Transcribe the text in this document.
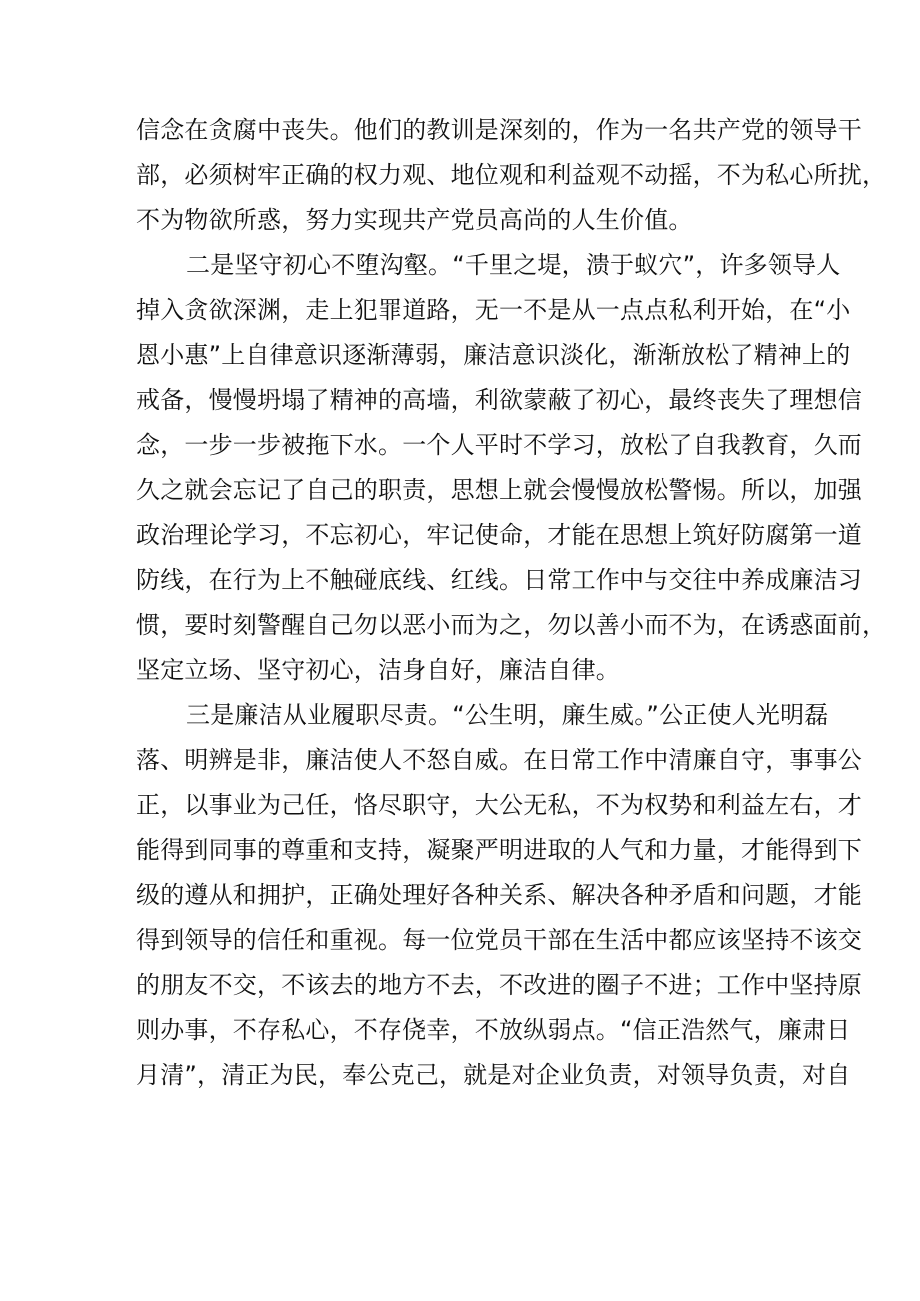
信念在贪腐中丧失。他们的教训是深刻的，作为一名共产党的领导干
部，必须树牢正确的权力观、地位观和利益观不动摇，不为私心所扰，
不为物欲所惑，努力实现共产党员高尚的人生价值。
二是坚守初心不堕沟壑。“千里之堤，溃于蚁穴”，许多领导人
掉入贪欲深渊，走上犯罪道路，无一不是从一点点私利开始，在“小
恩小惠”上自律意识逐渐薄弱，廉洁意识淡化，渐渐放松了精神上的
戒备，慢慢坍塌了精神的高墙，利欲蒙蔽了初心，最终丧失了理想信
念，一步一步被拖下水。一个人平时不学习，放松了自我教育，久而
久之就会忘记了自己的职责，思想上就会慢慢放松警惕。所以，加强
政治理论学习，不忘初心，牢记使命，才能在思想上筑好防腐第一道
防线，在行为上不触碰底线、红线。日常工作中与交往中养成廉洁习
惯，要时刻警醒自己勿以恶小而为之，勿以善小而不为，在诱惑面前，
坚定立场、坚守初心，洁身自好，廉洁自律。
三是廉洁从业履职尽责。“公生明，廉生威。”公正使人光明磊
落、明辨是非，廉洁使人不怒自威。在日常工作中清廉自守，事事公
正，以事业为己任，恪尽职守，大公无私，不为权势和利益左右，才
能得到同事的尊重和支持，凝聚严明进取的人气和力量，才能得到下
级的遵从和拥护，正确处理好各种关系、解决各种矛盾和问题，才能
得到领导的信任和重视。每一位党员干部在生活中都应该坚持不该交
的朋友不交，不该去的地方不去，不改进的圈子不进；工作中坚持原
则办事，不存私心，不存侥幸，不放纵弱点。“信正浩然气，廉肃日
月清”，清正为民，奉公克己，就是对企业负责，对领导负责，对自
